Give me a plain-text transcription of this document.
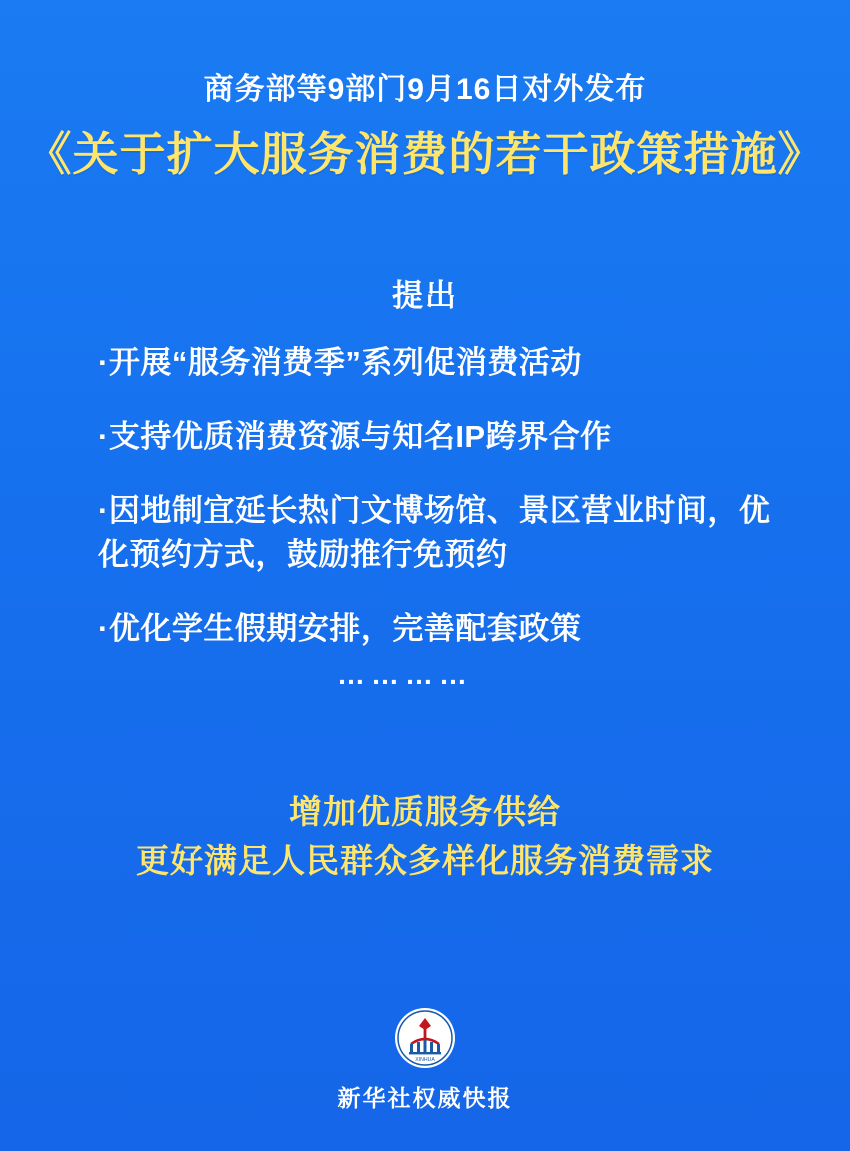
商务部等9部门9月16日对外发布
《关于扩大服务消费的若干政策措施》
提出
·开展“服务消费季”系列促消费活动
·支持优质消费资源与知名IP跨界合作
·因地制宜延长热门文博场馆、景区营业时间，优化预约方式，鼓励推行免预约
·优化学生假期安排，完善配套政策
…………
增加优质服务供给
更好满足人民群众多样化服务消费需求
XINHUA
新华社权威快报
